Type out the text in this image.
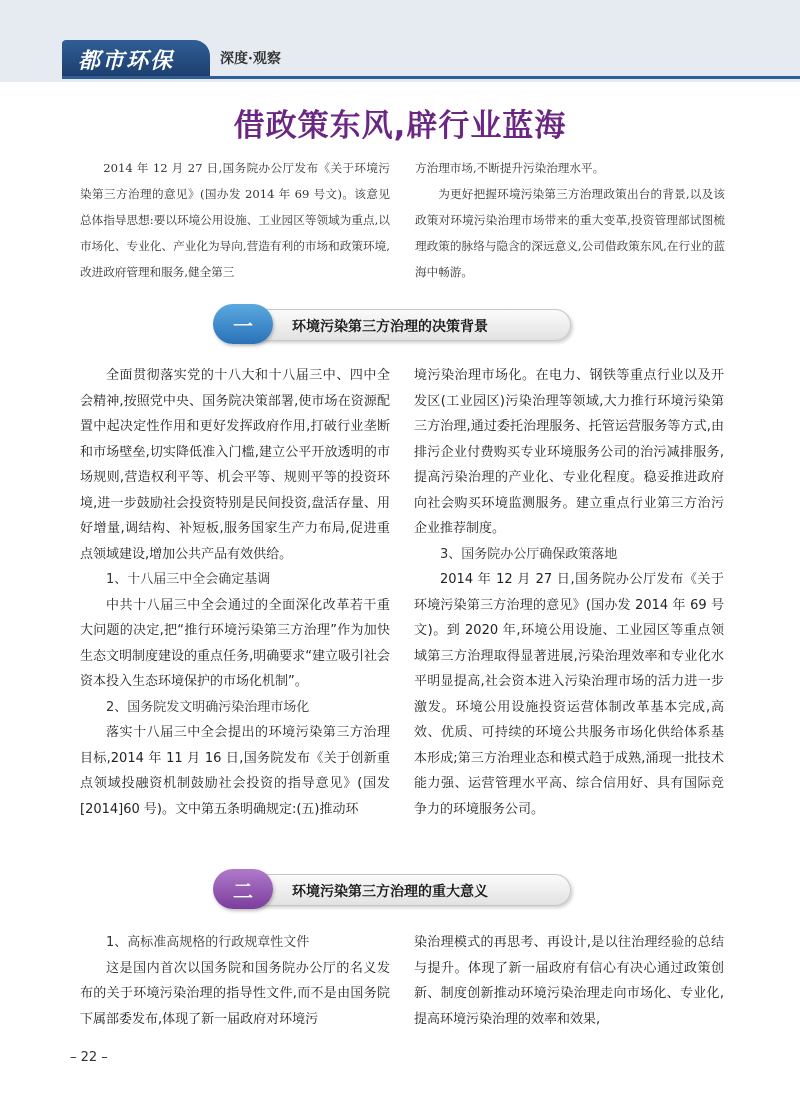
都市环保	深度·观察
借政策东风,辟行业蓝海

2014 年 12 月 27 日,国务院办公厅发布《关于环境污染第三方治理的意见》(国办发 2014 年 69 号文)。该意见总体指导思想:要以环境公用设施、工业园区等领域为重点,以市场化、专业化、产业化为导向,营造有利的市场和政策环境,改进政府管理和服务,健全第三

方治理市场,不断提升污染治理水平。

为更好把握环境污染第三方治理政策出台的背景,以及该政策对环境污染治理市场带来的重大变革,投资管理部试图梳理政策的脉络与隐含的深远意义,公司借政策东风,在行业的蓝海中畅游。

环境污染第三方治理的决策背景
一

全面贯彻落实党的十八大和十八届三中、四中全会精神,按照党中央、国务院决策部署,使市场在资源配置中起决定性作用和更好发挥政府作用,打破行业垄断和市场壁垒,切实降低准入门槛,建立公平开放透明的市场规则,营造权利平等、机会平等、规则平等的投资环境,进一步鼓励社会投资特别是民间投资,盘活存量、用好增量,调结构、补短板,服务国家生产力布局,促进重点领域建设,增加公共产品有效供给。

1、十八届三中全会确定基调

中共十八届三中全会通过的全面深化改革若干重大问题的决定,把“推行环境污染第三方治理”作为加快生态文明制度建设的重点任务,明确要求“建立吸引社会资本投入生态环境保护的市场化机制”。

2、国务院发文明确污染治理市场化

落实十八届三中全会提出的环境污染第三方治理目标,2014 年 11 月 16 日,国务院发布《关于创新重点领域投融资机制鼓励社会投资的指导意见》(国发[2014]60 号)。文中第五条明确规定:(五)推动环

境污染治理市场化。在电力、钢铁等重点行业以及开发区(工业园区)污染治理等领域,大力推行环境污染第三方治理,通过委托治理服务、托管运营服务等方式,由排污企业付费购买专业环境服务公司的治污减排服务,提高污染治理的产业化、专业化程度。稳妥推进政府向社会购买环境监测服务。建立重点行业第三方治污企业推荐制度。

3、国务院办公厅确保政策落地

2014 年 12 月 27 日,国务院办公厅发布《关于环境污染第三方治理的意见》(国办发 2014 年 69 号文)。到 2020 年,环境公用设施、工业园区等重点领域第三方治理取得显著进展,污染治理效率和专业化水平明显提高,社会资本进入污染治理市场的活力进一步激发。环境公用设施投资运营体制改革基本完成,高效、优质、可持续的环境公共服务市场化供给体系基本形成;第三方治理业态和模式趋于成熟,涌现一批技术能力强、运营管理水平高、综合信用好、具有国际竞争力的环境服务公司。

环境污染第三方治理的重大意义
二

1、高标准高规格的行政规章性文件

这是国内首次以国务院和国务院办公厅的名义发布的关于环境污染治理的指导性文件,而不是由国务院下属部委发布,体现了新一届政府对环境污

染治理模式的再思考、再设计,是以往治理经验的总结与提升。体现了新一届政府有信心有决心通过政策创新、制度创新推动环境污染治理走向市场化、专业化,提高环境污染治理的效率和效果,

– 22 –
